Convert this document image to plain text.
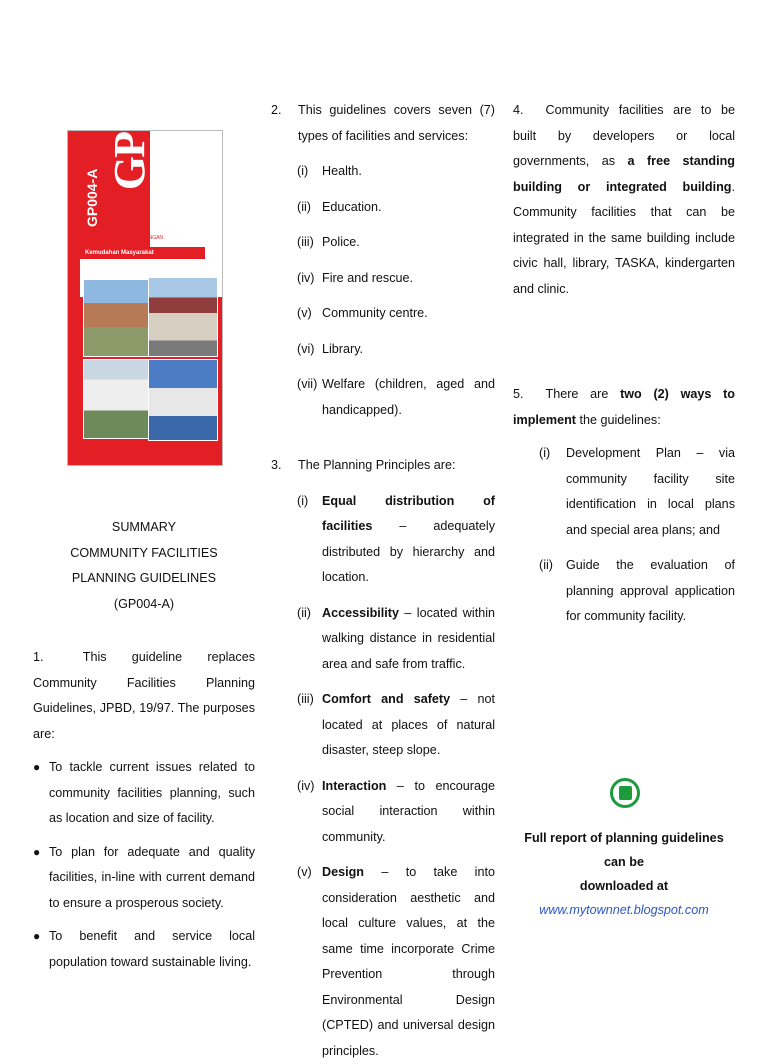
GP004-A
GP
GARIS PANDUAN PERANCANGAN
Kemudahan Masyarakat
SUMMARY
COMMUNITY FACILITIES
PLANNING GUIDELINES
(GP004-A)
1.	This guideline replaces Community Facilities Planning Guidelines, JPBD, 19/97. The purposes are:
● To tackle current issues related to community facilities planning, such as location and size of facility.
● To plan for adequate and quality facilities, in-line with current demand to ensure a prosperous society.
● To benefit and service local population toward sustainable living.
2. This guidelines covers seven (7) types of facilities and services:
(i) Health.
(ii) Education.
(iii) Police.
(iv) Fire and rescue.
(v) Community centre.
(vi) Library.
(vii) Welfare (children, aged and handicapped).
3. The Planning Principles are:
(i) Equal distribution of facilities – adequately distributed by hierarchy and location.
(ii) Accessibility – located within walking distance in residential area and safe from traffic.
(iii) Comfort and safety – not located at places of natural disaster, steep slope.
(iv) Interaction – to encourage social interaction within community.
(v) Design – to take into consideration aesthetic and local culture values, at the same time incorporate Crime Prevention through Environmental Design (CPTED) and universal design principles.
4. Community facilities are to be built by developers or local governments, as a free standing building or integrated building. Community facilities that can be integrated in the same building include civic hall, library, TASKA, kindergarten and clinic.
5. There are two (2) ways to implement the guidelines:
(i) Development Plan – via community facility site identification in local plans and special area plans; and
(ii) Guide the evaluation of planning approval application for community facility.
Full report of planning guidelines can be
downloaded at
www.mytownnet.blogspot.com
